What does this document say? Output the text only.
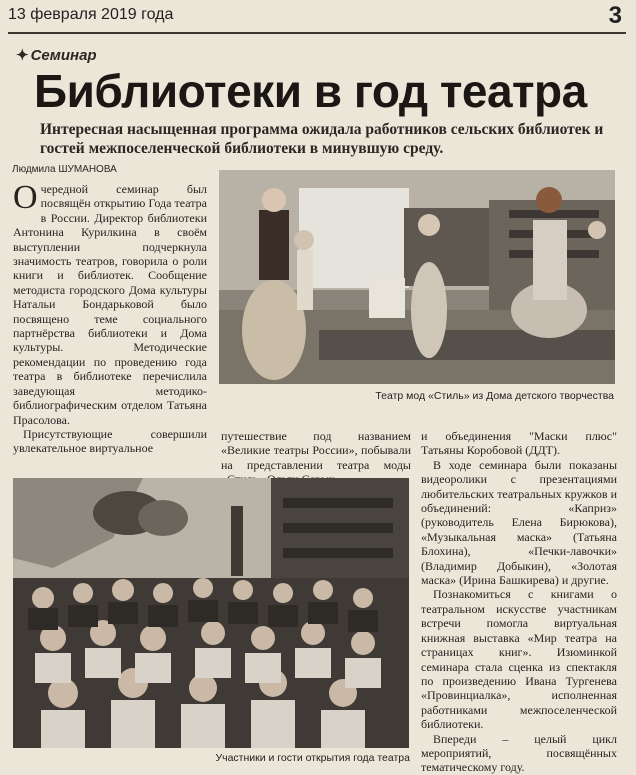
13 февраля 2019 года	3
✦ Семинар
Библиотеки в год театра
Интересная насыщенная программа ожидала работников сельских библиотек и гостей межпоселенческой библиотеки в минувшую среду.
Людмила ШУМАНОВА

Очередной семинар был посвящён открытию Года театра в России. Директор библиотеки Антонина Курилкина в своём выступлении подчеркнула значимость театров, говорила о роли книги и библиотек. Сообщение методиста городского Дома культуры Натальи Бондарьковой было посвящено теме социального партнёрства библиотеки и Дома культуры. Методические рекомендации по проведению года театра в библиотеке перечислила заведующая методико-библиографическим отделом Татьяна Прасолова.

Присутствующие совершили увлекательное виртуальное

Театр мод «Стиль» из Дома детского творчества

путешествие под названием «Великие театры России», побывали на представлении театра моды

Участники и гости открытия года театра

и объединения "Маски плюс" Татьяны Коробовой (ДДТ).

В ходе семинара были показаны видеоролики с презентациями любительских театральных кружков и объединений: «Каприз» (руководитель Елена Бирюкова), «Музыкальная маска» (Татьяна Блохина), «Печки-лавочки» (Владимир Добыкин), «Золотая маска» (Ирина Башкирева) и другие.

Познакомиться с книгами о театральном искусстве участникам встречи помогла виртуальная книжная выставка «Мир театра на страницах книг». Изюминкой семинара стала сценка из спектакля по произведению Ивана Тургенева «Провинциалка», исполненная работниками межпоселенческой библиотеки.

Впереди – целый цикл мероприятий, посвящённых тематическому году.
